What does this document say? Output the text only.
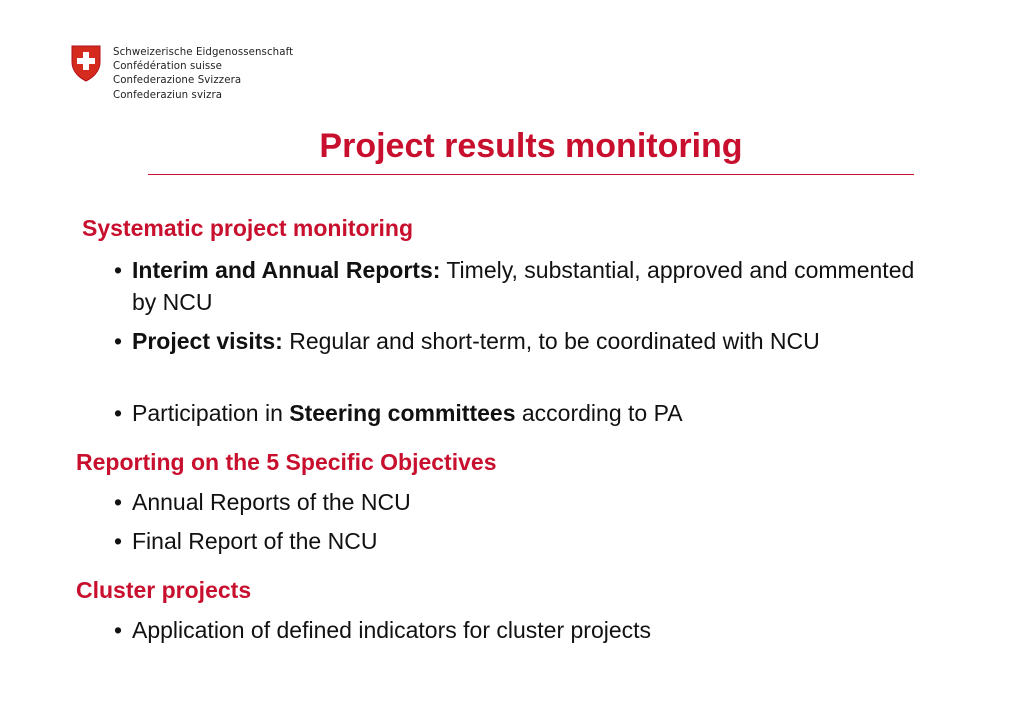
Schweizerische Eidgenossenschaft
Confédération suisse
Confederazione Svizzera
Confederaziun svizra
Project results monitoring

Systematic project monitoring

• Interim and Annual Reports: Timely, substantial, approved and commented by NCU

• Project visits: Regular and short-term, to be coordinated with NCU

• Participation in Steering committees according to PA

Reporting on the 5 Specific Objectives

• Annual Reports of the NCU

• Final Report of the NCU

Cluster projects

• Application of defined indicators for cluster projects
